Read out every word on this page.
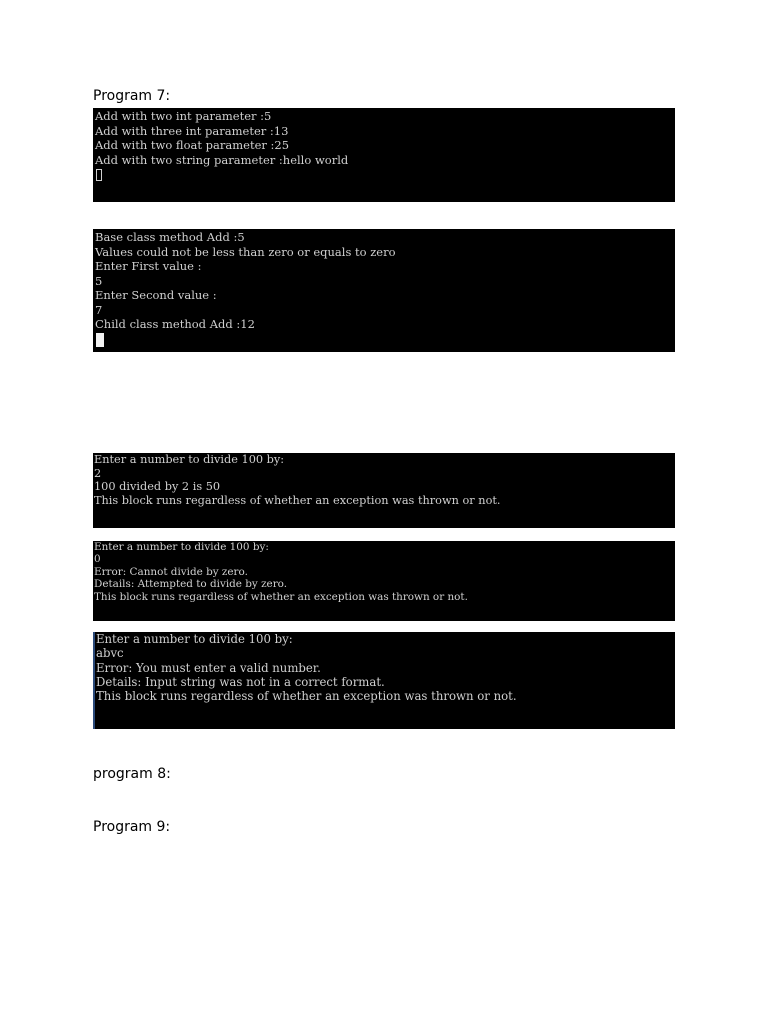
Program 7:

Add with two int parameter :5
Add with three int parameter :13
Add with two float parameter :25
Add with two string parameter :hello world
Base class method Add :5
Values could not be less than zero or equals to zero
Enter First value :
5
Enter Second value :
7
Child class method Add :12
Enter a number to divide 100 by:
2
100 divided by 2 is 50
This block runs regardless of whether an exception was thrown or not.
Enter a number to divide 100 by:
0
Error: Cannot divide by zero.
Details: Attempted to divide by zero.
This block runs regardless of whether an exception was thrown or not.
Enter a number to divide 100 by:
abvc
Error: You must enter a valid number.
Details: Input string was not in a correct format.
This block runs regardless of whether an exception was thrown or not.

program 8:

Program 9:
